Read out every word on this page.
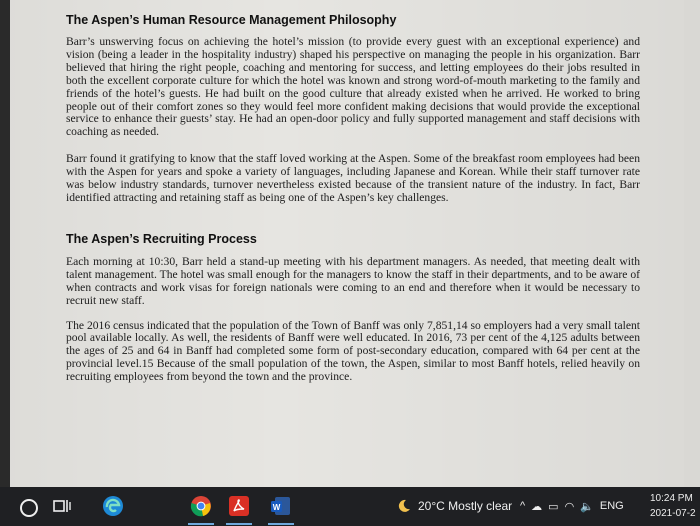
The Aspen’s Human Resource Management Philosophy

Barr’s unswerving focus on achieving the hotel’s mission (to provide every guest with an exceptional experience) and vision (being a leader in the hospitality industry) shaped his perspective on managing the people in his organization. Barr believed that hiring the right people, coaching and mentoring for success, and letting employees do their jobs resulted in both the excellent corporate culture for which the hotel was known and strong word-of-mouth marketing to the family and friends of the hotel’s guests. He had built on the good culture that already existed when he arrived. He worked to bring people out of their comfort zones so they would feel more confident making decisions that would provide the exceptional service to enhance their guests’ stay. He had an open-door policy and fully supported management and staff decisions with coaching as needed.

Barr found it gratifying to know that the staff loved working at the Aspen. Some of the breakfast room employees had been with the Aspen for years and spoke a variety of languages, including Japanese and Korean. While their staff turnover rate was below industry standards, turnover nevertheless existed because of the transient nature of the industry. In fact, Barr identified attracting and retaining staff as being one of the Aspen’s key challenges.

The Aspen’s Recruiting Process

Each morning at 10:30, Barr held a stand-up meeting with his department managers. As needed, that meeting dealt with talent management. The hotel was small enough for the managers to know the staff in their departments, and to be aware of when contracts and work visas for foreign nationals were coming to an end and therefore when it would be necessary to recruit new staff.

The 2016 census indicated that the population of the Town of Banff was only 7,851,14 so employers had a very small talent pool available locally. As well, the residents of Banff were well educated. In 2016, 73 per cent of the 4,125 adults between the ages of 25 and 64 in Banff had completed some form of post-secondary education, compared with 64 per cent at the provincial level.15 Because of the small population of the town, the Aspen, similar to most Banff hotels, relied heavily on recruiting employees from beyond the town and the province.

W	20°C Mostly clear ^ ☁ ▭ ◠ 🔈 ENG
10:24 PM
2021-07-2
